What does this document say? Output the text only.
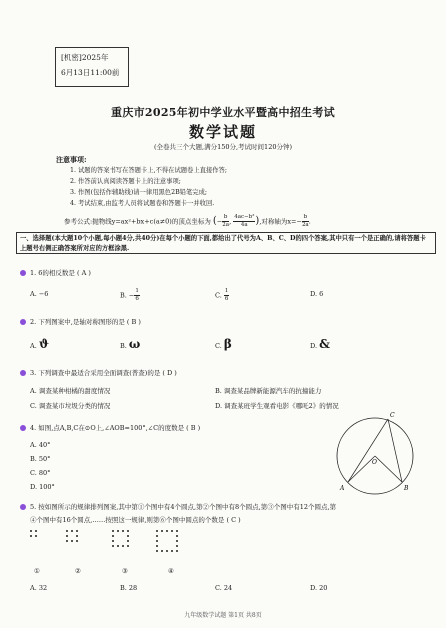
[机密]2025年
6月13日11:00前
重庆市2025年初中学业水平暨高中招生考试
数学试题
(全卷共三个大题,满分150分,考试时间120分钟)
注意事项:
1. 试题的答案书写在答题卡上,不得在试题卷上直接作答;
2. 作答前认真阅读答题卡上的注意事项;
3. 作图(包括作辅助线)请一律用黑色2B铅笔完成;
4. 考试结束,由监考人员将试题卷和答题卡一并收回.
参考公式:抛物线y=ax²+bx+c(a≠0)的顶点坐标为 (− $\frac{b}{2a}$ , $\frac{\text{4ac−b²}}{4a}$ ),对称轴为$x=- \frac{b}{2a}$ .
一、选择题(本大题10个小题,每小题4分,共40分)在每个小题的下面,都给出了代号为A、B、C、D的四个答案,其中只有一个是正确的,请将答题卡上题号右侧正确答案所对应的方框涂黑.
1. 6的相反数是 ( A )
A. −6	B. − $\frac{1}{6}$	C. $\frac{1}{6}$	D. 6
2. 下列图案中,是轴对称图形的是 ( B )
A. ϑ	B. ω	C. β	D. &
3. 下列调查中最适合采用全面调查(普查)的是 ( D )
A. 调查某种柑橘的甜度情况	B. 调查某品牌新能源汽车的抗撞能力
C. 调查某市垃圾分类的情况	D. 调查某班学生观看电影《哪吒2》的情况
4. 如图,点A,B,C在⊙O上,∠AOB=100°,∠C的度数是 ( B )
A. 40°
B. 50°
C. 80°
D. 100°
C
O
A	B
5. 按如图所示的规律排列图案,其中第①个图中有4个圆点,第②个图中有8个圆点,第③个图中有12个圆点,第
④个图中有16个圆点,……按照这一规律,则第⑥个图中圆点的个数是 ( C )
①	②	③	④
A. 32	B. 28	C. 24	D. 20
九年级数学试题 第1页 共8页
